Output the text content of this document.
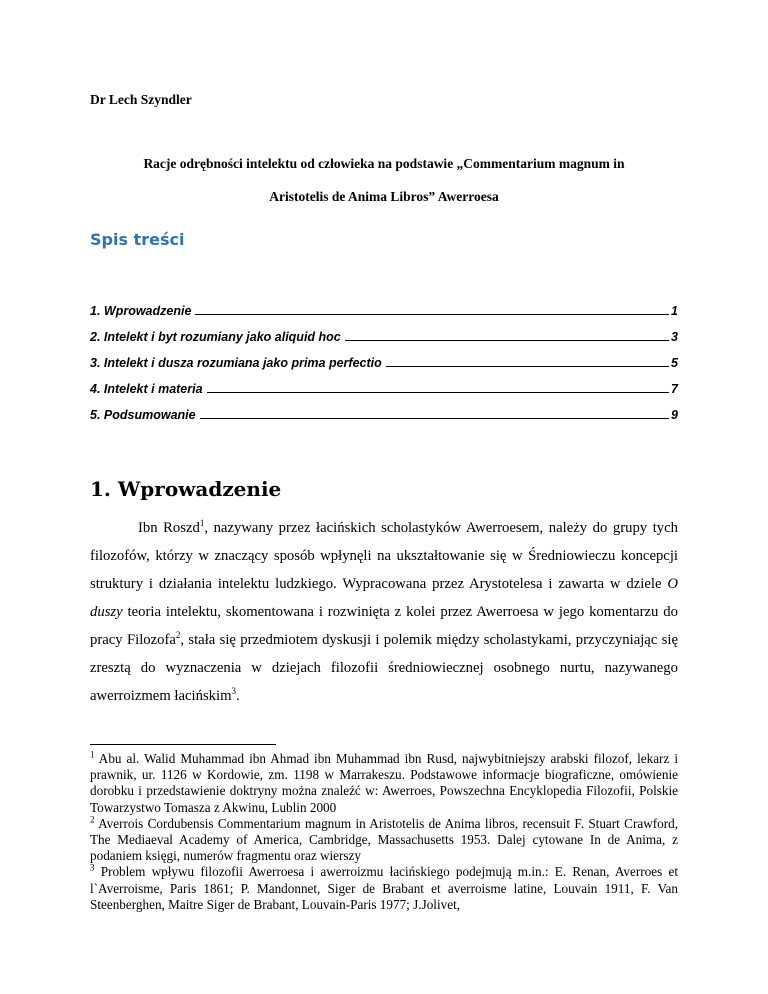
Dr Lech Szyndler
Racje odrębności intelektu od człowieka na podstawie „Commentarium magnum in
Aristotelis de Anima Libros” Awerroesa
Spis treści
1. Wprowadzenie	1
2. Intelekt i byt rozumiany jako aliquid hoc	3
3. Intelekt i dusza rozumiana jako prima perfectio	5
4. Intelekt i materia	7
5. Podsumowanie	9
1. Wprowadzenie

Ibn Roszd$^1$, nazywany przez łacińskich scholastyków Awerroesem, należy do grupy tych filozofów, którzy w znaczący sposób wpłynęli na ukształtowanie się w Średniowieczu koncepcji struktury i działania intelektu ludzkiego. Wypracowana przez Arystotelesa i zawarta w dziele O duszy teoria intelektu, skomentowana i rozwinięta z kolei przez Awerroesa w jego komentarzu do pracy Filozofa$^2$, stała się przedmiotem dyskusji i polemik między scholastykami, przyczyniając się zresztą do wyznaczenia w dziejach filozofii średniowiecznej osobnego nurtu, nazywanego awerroizmem łacińskim$^3$.

$^1$ Abu al. Walid Muhammad ibn Ahmad ibn Muhammad ibn Rusd, najwybitniejszy arabski filozof, lekarz i prawnik, ur. 1126 w Kordowie, zm. 1198 w Marrakeszu. Podstawowe informacje biograficzne, omówienie dorobku i przedstawienie doktryny można znaleźć w: Awerroes, Powszechna Encyklopedia Filozofii, Polskie Towarzystwo Tomasza z Akwinu, Lublin 2000

$^2$ Averrois Cordubensis Commentarium magnum in Aristotelis de Anima libros, recensuit F. Stuart Crawford, The Mediaeval Academy of America, Cambridge, Massachusetts 1953. Dalej cytowane In de Anima, z podaniem księgi, numerów fragmentu oraz wierszy

$^3$ Problem wpływu filozofii Awerroesa i awerroizmu łacińskiego podejmują m.in.: E. Renan, Averroes et l`Averroisme, Paris 1861; P. Mandonnet, Siger de Brabant et averroisme latine, Louvain 1911, F. Van Steenberghen, Maitre Siger de Brabant, Louvain-Paris 1977; J.Jolivet,
